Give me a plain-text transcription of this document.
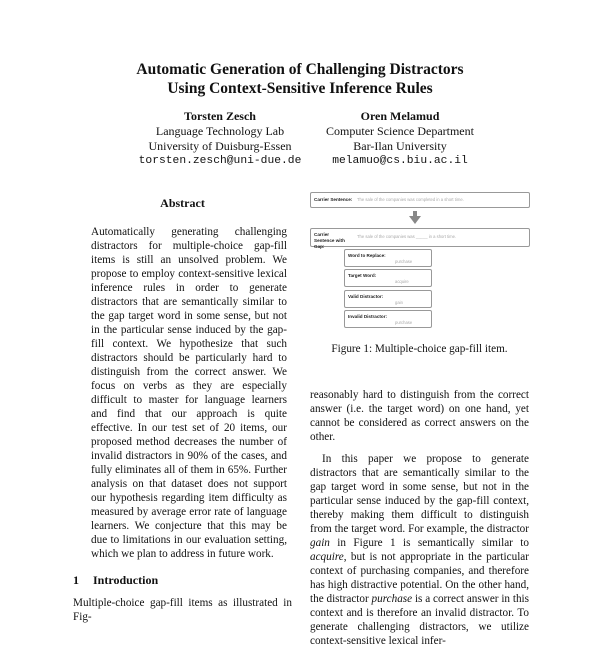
Automatic Generation of Challenging Distractors
Using Context-Sensitive Inference Rules
Torsten Zesch
Language Technology Lab
University of Duisburg-Essen
torsten.zesch@uni-due.de
Oren Melamud
Computer Science Department
Bar-Ilan University
melamuo@cs.biu.ac.il
Abstract

Automatically generating challenging distractors for multiple-choice gap-fill items is still an unsolved problem. We propose to employ context-sensitive lexical inference rules in order to generate distractors that are semantically similar to the gap target word in some sense, but not in the particular sense induced by the gap-fill context. We hypothesize that such distractors should be particularly hard to distinguish from the correct answer. We focus on verbs as they are especially difficult to master for language learners and find that our approach is quite effective. In our test set of 20 items, our proposed method decreases the number of invalid distractors in 90% of the cases, and fully eliminates all of them in 65%. Further analysis on that dataset does not support our hypothesis regarding item difficulty as measured by average error rate of language learners. We conjecture that this may be due to limitations in our evaluation setting, which we plan to address in future work.

1 Introduction

Multiple-choice gap-fill items as illustrated in Fig-

Carrier Sentence: The sale of the companies was completed in a short time.
Carrier Sentence with Gap:
The sale of the companies was _____ in a short time.
Word to Replace:
purchase
Target Word:
acquire
Valid Distractor:
gain
Invalid Distractor:
purchase
Figure 1: Multiple-choice gap-fill item.

reasonably hard to distinguish from the correct answer (i.e. the target word) on one hand, yet cannot be considered as correct answers on the other.

In this paper we propose to generate distractors that are semantically similar to the gap target word in some sense, but not in the particular sense induced by the gap-fill context, thereby making them difficult to distinguish from the target word. For example, the distractor gain in Figure 1 is semantically similar to acquire, but is not appropriate in the particular context of purchasing companies, and therefore has high distractive potential. On the other hand, the distractor purchase is a correct answer in this context and is therefore an invalid distractor. To generate challenging distractors, we utilize context-sensitive lexical infer-
